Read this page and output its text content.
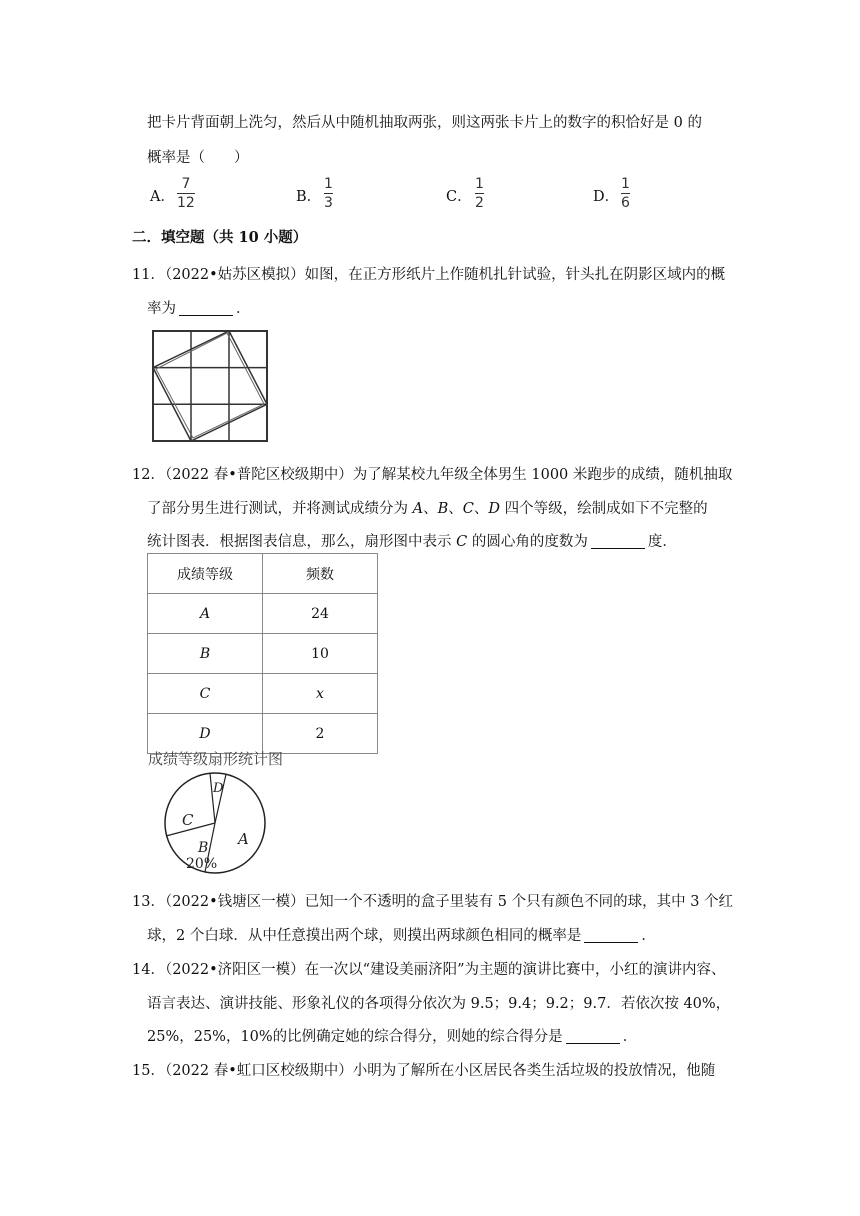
把卡片背面朝上洗匀，然后从中随机抽取两张，则这两张卡片上的数字的积恰好是 0 的
概率是（　　）
A．
7
12	B．
1
3	C．
1
2	D．
1
6
二．填空题（共 10 小题）
11．（2022•姑苏区模拟）如图，在正方形纸片上作随机扎针试验，针头扎在阴影区域内的概
率为	．
12．（2022 春•普陀区校级期中）为了解某校九年级全体男生 1000 米跑步的成绩，随机抽取
了部分男生进行测试，并将测试成绩分为 A、B、C、D 四个等级，绘制成如下不完整的
统计图表．根据图表信息，那么，扇形图中表示 C 的圆心角的度数为	度．
成绩等级	频数
A	24
B	10
C	x
D	2
成绩等级扇形统计图
A
D
C
B
20%
13．（2022•钱塘区一模）已知一个不透明的盒子里装有 5 个只有颜色不同的球，其中 3 个红
球，2 个白球．从中任意摸出两个球，则摸出两球颜色相同的概率是	．
14．（2022•济阳区一模）在一次以“建设美丽济阳”为主题的演讲比赛中，小红的演讲内容、
语言表达、演讲技能、形象礼仪的各项得分依次为 9.5；9.4；9.2；9.7．若依次按 40%，
25%，25%，10%的比例确定她的综合得分，则她的综合得分是	．
15．（2022 春•虹口区校级期中）小明为了解所在小区居民各类生活垃圾的投放情况，他随
